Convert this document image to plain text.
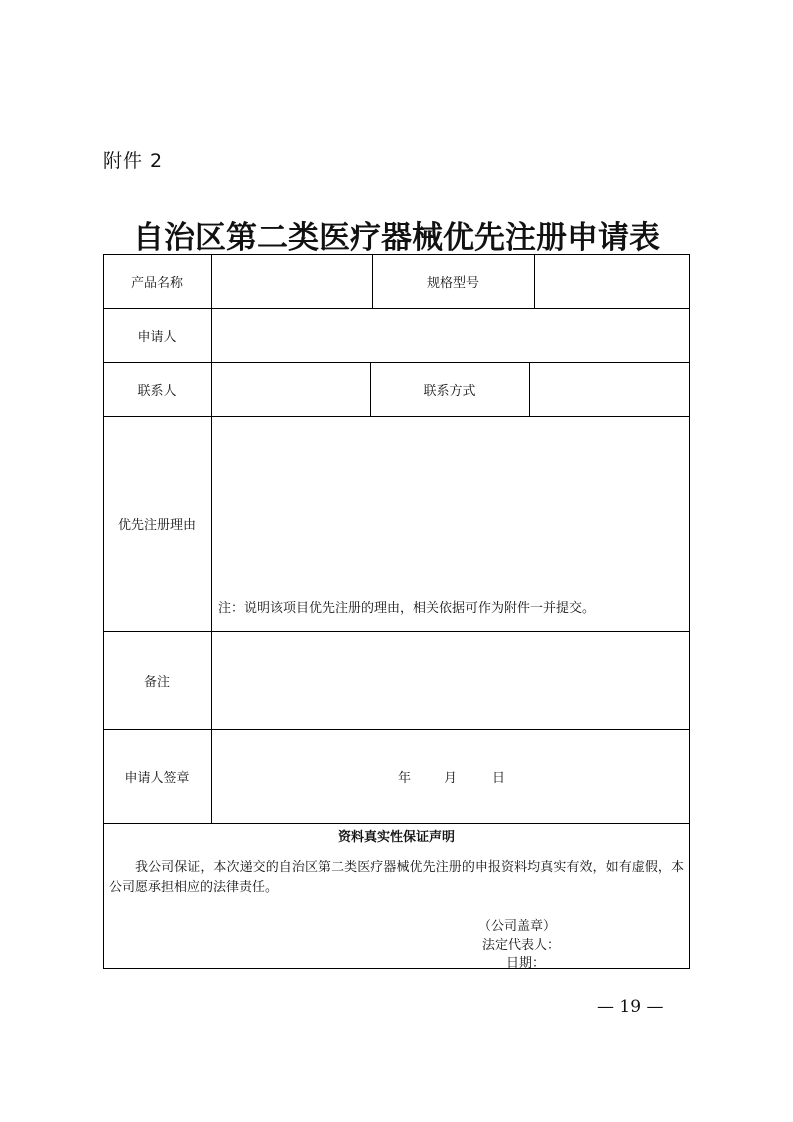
附件 2
自治区第二类医疗器械优先注册申请表
产品名称	规格型号
申请人
联系人	联系方式
优先注册理由
注：说明该项目优先注册的理由，相关依据可作为附件一并提交。
备注
申请人签章	年	月	日
资料真实性保证声明
我公司保证，本次递交的自治区第二类医疗器械优先注册的申报资料均真实有效，如有虚假，本公司愿承担相应的法律责任。
（公司盖章）
法定代表人：
日期：
— 19 —
